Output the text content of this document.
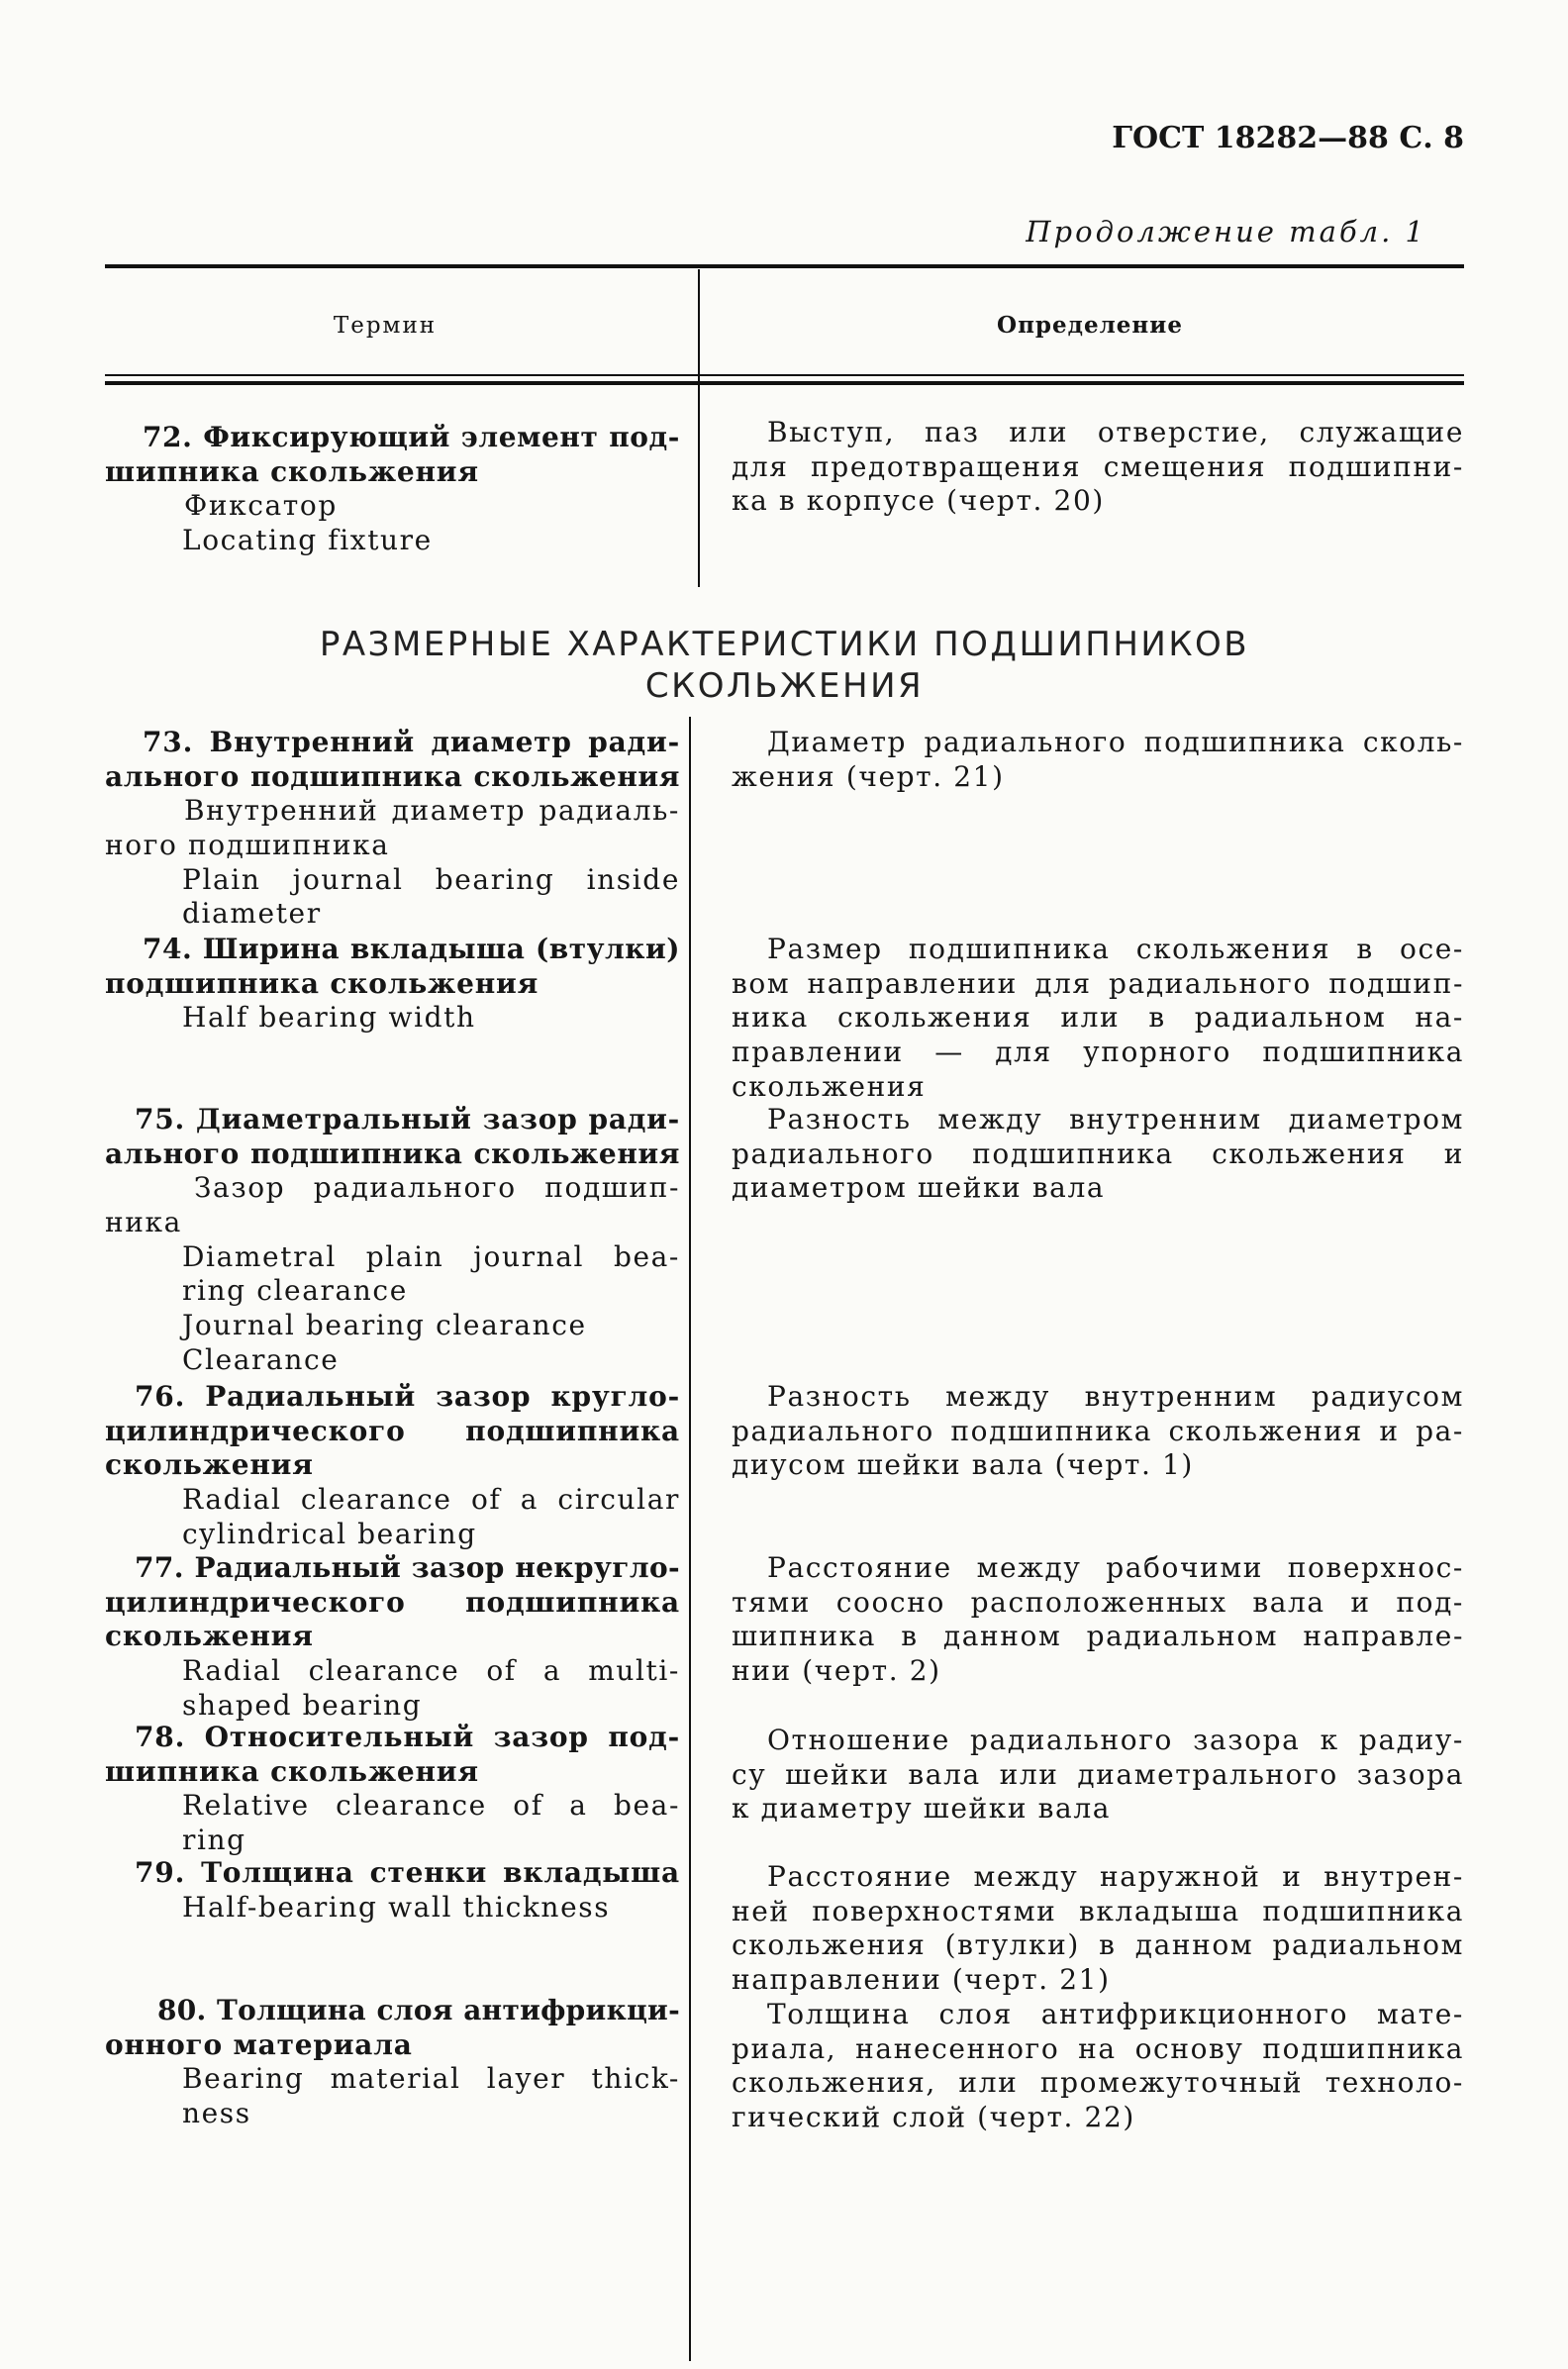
ГОСТ 18282—88 С. 8
Продолжение табл. 1
Термин	Определение
72. Фиксирующий элемент под-
шипника скольжения
Фиксатор
Locating fixture
Выступ, паз или отверстие, служащие
для предотвращения смещения подшипни-
ка в корпусе (черт. 20)
РАЗМЕРНЫЕ ХАРАКТЕРИСТИКИ ПОДШИПНИКОВ
СКОЛЬЖЕНИЯ
73. Внутренний диаметр ради-
ального подшипника скольжения
Внутренний диаметр радиаль-
ного подшипника
Plain journal bearing inside
diameter
Диаметр радиального подшипника сколь-
жения (черт. 21)
74. Ширина вкладыша (втулки)
подшипника скольжения
Half bearing width
Размер подшипника скольжения в осе-
вом направлении для радиального подшип-
ника скольжения или в радиальном на-
правлении — для упорного подшипника
скольжения
75. Диаметральный зазор ради-
ального подшипника скольжения
Зазор радиального подшип-
ника
Diametral plain journal bea-
ring clearance
Journal bearing clearance
Clearance
Разность между внутренним диаметром
радиального подшипника скольжения и
диаметром шейки вала
76. Радиальный зазор кругло-
цилиндрического подшипника
скольжения
Radial clearance of a circular
cylindrical bearing
Разность между внутренним радиусом
радиального подшипника скольжения и ра-
диусом шейки вала (черт. 1)
77. Радиальный зазор некругло-
цилиндрического подшипника
скольжения
Radial clearance of a multi-
shaped bearing
Расстояние между рабочими поверхнос-
тями соосно расположенных вала и под-
шипника в данном радиальном направле-
нии (черт. 2)
78. Относительный зазор под-
шипника скольжения
Relative clearance of a bea-
ring
Отношение радиального зазора к радиу-
су шейки вала или диаметрального зазора
к диаметру шейки вала
79. Толщина стенки вкладыша
Half-bearing wall thickness
Расстояние между наружной и внутрен-
ней поверхностями вкладыша подшипника
скольжения (втулки) в данном радиальном
направлении (черт. 21)
80. Толщина слоя антифрикци-
онного материала
Bearing material layer thick-
ness
Толщина слоя антифрикционного мате-
риала, нанесенного на основу подшипника
скольжения, или промежуточный техноло-
гический слой (черт. 22)
